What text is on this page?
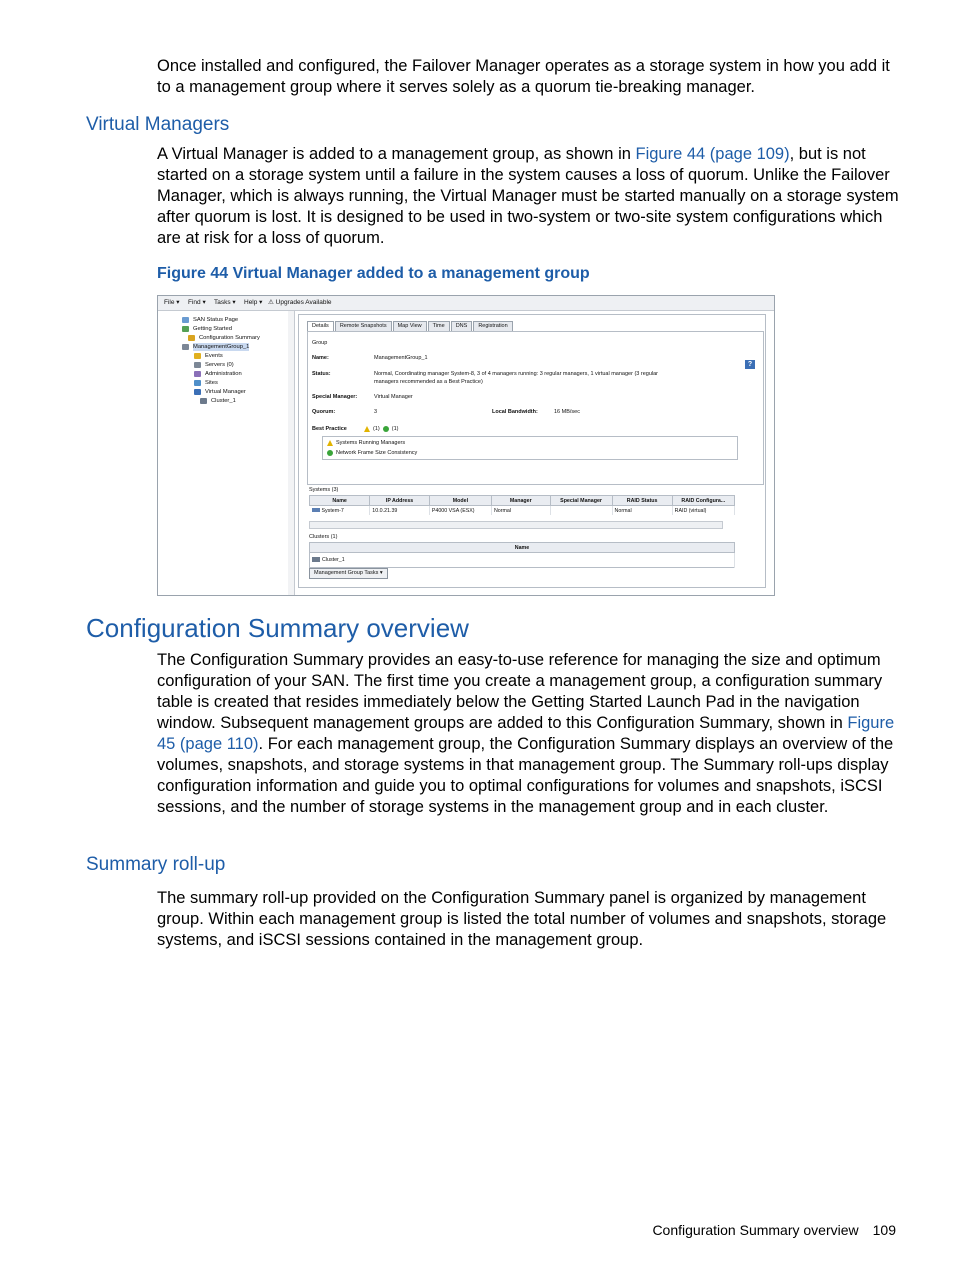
Once installed and configured, the Failover Manager operates as a storage system in how you add it to a management group where it serves solely as a quorum tie-breaking manager.
Virtual Managers
A Virtual Manager is added to a management group, as shown in Figure 44 (page 109), but is not started on a storage system until a failure in the system causes a loss of quorum. Unlike the Failover Manager, which is always running, the Virtual Manager must be started manually on a storage system after quorum is lost. It is designed to be used in two-system or two-site system configurations which are at risk for a loss of quorum.
Figure 44 Virtual Manager added to a management group
File ▾ Find ▾ Tasks ▾ Help ▾ ⚠ Upgrades Available
SAN Status Page
Getting Started
Configuration Summary
ManagementGroup_1
Events
Servers (0)
Administration
Sites
Virtual Manager
Cluster_1
Details Remote Snapshots Map View Time DNS Registration
Group
Name:	ManagementGroup_1
Status:	Normal, Coordinating manager System-8, 3 of 4 managers running: 3 regular managers, 1 virtual manager (3 regular
managers recommended as a Best Practice)
Special Manager:	Virtual Manager
Quorum:	3	Local Bandwidth:	16 MB/sec
Best Practice	(1) (1)
?
Systems Running Managers
Network Frame Size Consistency
Systems (3)
Name	IP Address	Model	Manager	Special Manager	RAID Status	RAID Configura...
System-7	10.0.21.39	P4000 VSA (ESX)	Normal		Normal	RAID (virtual)
Clusters (1)
Name
Cluster_1
Management Group Tasks ▾
Configuration Summary overview
The Configuration Summary provides an easy-to-use reference for managing the size and optimum configuration of your SAN. The first time you create a management group, a configuration summary table is created that resides immediately below the Getting Started Launch Pad in the navigation window. Subsequent management groups are added to this Configuration Summary, shown in Figure 45 (page 110). For each management group, the Configuration Summary displays an overview of the volumes, snapshots, and storage systems in that management group. The Summary roll-ups display configuration information and guide you to optimal configurations for volumes and snapshots, iSCSI sessions, and the number of storage systems in the management group and in each cluster.
Summary roll-up
The summary roll-up provided on the Configuration Summary panel is organized by management group. Within each management group is listed the total number of volumes and snapshots, storage systems, and iSCSI sessions contained in the management group.
Configuration Summary overview 109
